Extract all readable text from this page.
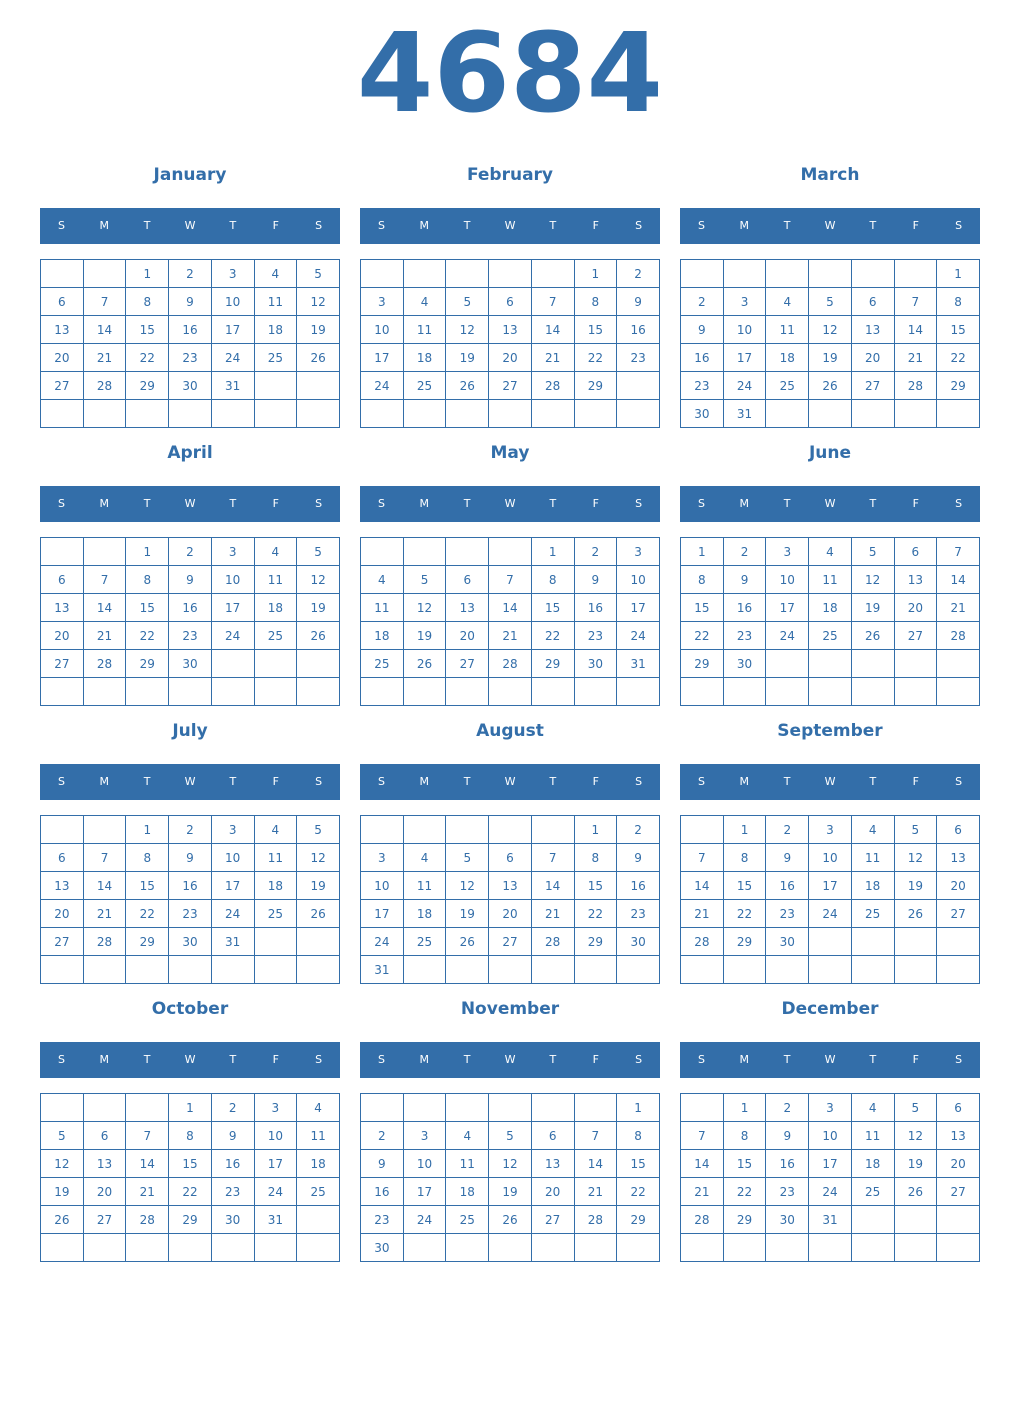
4684
January
S	M	T	W	T	F	S
		1	2	3	4	5
6	7	8	9	10	11	12
13	14	15	16	17	18	19
20	21	22	23	24	25	26
27	28	29	30	31		

February
S	M	T	W	T	F	S
					1	2
3	4	5	6	7	8	9
10	11	12	13	14	15	16
17	18	19	20	21	22	23
24	25	26	27	28	29	

March
S	M	T	W	T	F	S
						1
2	3	4	5	6	7	8
9	10	11	12	13	14	15
16	17	18	19	20	21	22
23	24	25	26	27	28	29
30	31					
April
S	M	T	W	T	F	S
		1	2	3	4	5
6	7	8	9	10	11	12
13	14	15	16	17	18	19
20	21	22	23	24	25	26
27	28	29	30			

May
S	M	T	W	T	F	S
				1	2	3
4	5	6	7	8	9	10
11	12	13	14	15	16	17
18	19	20	21	22	23	24
25	26	27	28	29	30	31

June
S	M	T	W	T	F	S
1	2	3	4	5	6	7
8	9	10	11	12	13	14
15	16	17	18	19	20	21
22	23	24	25	26	27	28
29	30					

July
S	M	T	W	T	F	S
		1	2	3	4	5
6	7	8	9	10	11	12
13	14	15	16	17	18	19
20	21	22	23	24	25	26
27	28	29	30	31		

August
S	M	T	W	T	F	S
					1	2
3	4	5	6	7	8	9
10	11	12	13	14	15	16
17	18	19	20	21	22	23
24	25	26	27	28	29	30
31						
September
S	M	T	W	T	F	S
	1	2	3	4	5	6
7	8	9	10	11	12	13
14	15	16	17	18	19	20
21	22	23	24	25	26	27
28	29	30				

October
S	M	T	W	T	F	S
			1	2	3	4
5	6	7	8	9	10	11
12	13	14	15	16	17	18
19	20	21	22	23	24	25
26	27	28	29	30	31	

November
S	M	T	W	T	F	S
						1
2	3	4	5	6	7	8
9	10	11	12	13	14	15
16	17	18	19	20	21	22
23	24	25	26	27	28	29
30						
December
S	M	T	W	T	F	S
	1	2	3	4	5	6
7	8	9	10	11	12	13
14	15	16	17	18	19	20
21	22	23	24	25	26	27
28	29	30	31			
